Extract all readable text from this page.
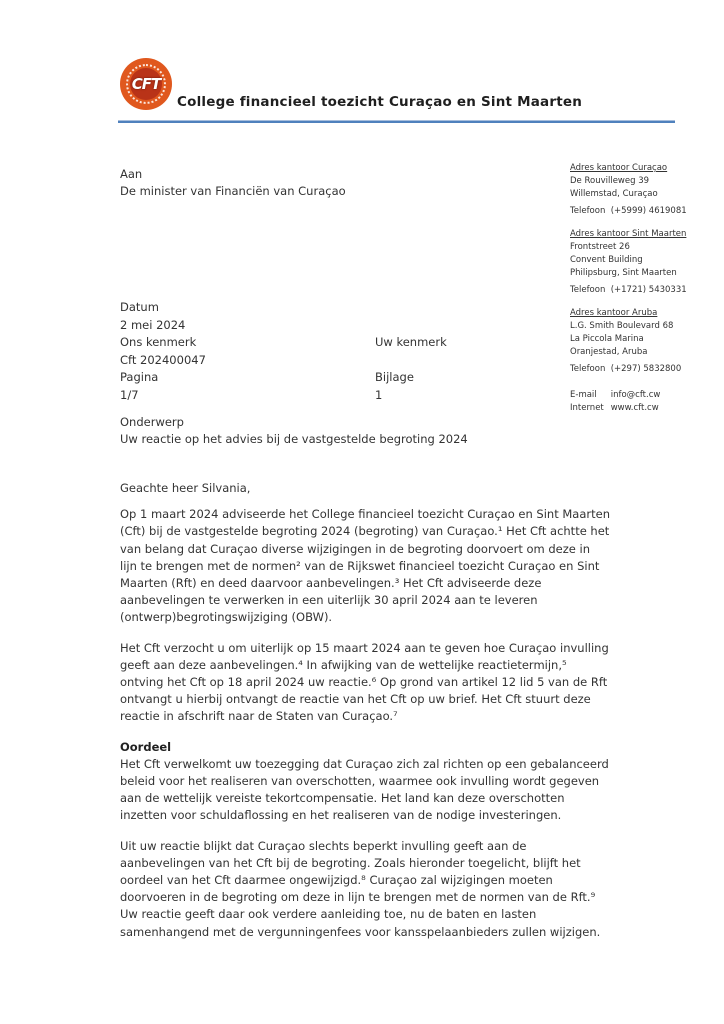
CFT
College financieel toezicht Curaçao en Sint Maarten
Aan
De minister van Financiën van Curaçao
Adres kantoor Curaçao
De Rouvilleweg 39
Willemstad, Curaçao
Telefoon (+5999) 4619081
Adres kantoor Sint Maarten
Frontstreet 26
Convent Building
Philipsburg, Sint Maarten
Telefoon (+1721) 5430331
Adres kantoor Aruba
L.G. Smith Boulevard 68
La Piccola Marina
Oranjestad, Aruba
Telefoon (+297) 5832800
E-mail info@cft.cw
Internet www.cft.cw
Datum
2 mei 2024
Ons kenmerk	Uw kenmerk
Cft 202400047
Pagina	Bijlage
1/7	1
Onderwerp
Uw reactie op het advies bij de vastgestelde begroting 2024
Geachte heer Silvania,

Op 1 maart 2024 adviseerde het College financieel toezicht Curaçao en Sint Maarten (Cft) bij de vastgestelde begroting 2024 (begroting) van Curaçao.¹ Het Cft achtte het van belang dat Curaçao diverse wijzigingen in de begroting doorvoert om deze in lijn te brengen met de normen² van de Rijkswet financieel toezicht Curaçao en Sint Maarten (Rft) en deed daarvoor aanbevelingen.³ Het Cft adviseerde deze aanbevelingen te verwerken in een uiterlijk 30 april 2024 aan te leveren (ontwerp)begrotingswijziging (OBW).

Het Cft verzocht u om uiterlijk op 15 maart 2024 aan te geven hoe Curaçao invulling geeft aan deze aanbevelingen.⁴ In afwijking van de wettelijke reactietermijn,⁵ ontving het Cft op 18 april 2024 uw reactie.⁶ Op grond van artikel 12 lid 5 van de Rft ontvangt u hierbij ontvangt de reactie van het Cft op uw brief. Het Cft stuurt deze reactie in afschrift naar de Staten van Curaçao.⁷

Oordeel

Het Cft verwelkomt uw toezegging dat Curaçao zich zal richten op een gebalanceerd beleid voor het realiseren van overschotten, waarmee ook invulling wordt gegeven aan de wettelijk vereiste tekortcompensatie. Het land kan deze overschotten inzetten voor schuldaflossing en het realiseren van de nodige investeringen.

Uit uw reactie blijkt dat Curaçao slechts beperkt invulling geeft aan de aanbevelingen van het Cft bij de begroting. Zoals hieronder toegelicht, blijft het oordeel van het Cft daarmee ongewijzigd.⁸ Curaçao zal wijzigingen moeten doorvoeren in de begroting om deze in lijn te brengen met de normen van de Rft.⁹ Uw reactie geeft daar ook verdere aanleiding toe, nu de baten en lasten samenhangend met de vergunningenfees voor kansspelaanbieders zullen wijzigen.
